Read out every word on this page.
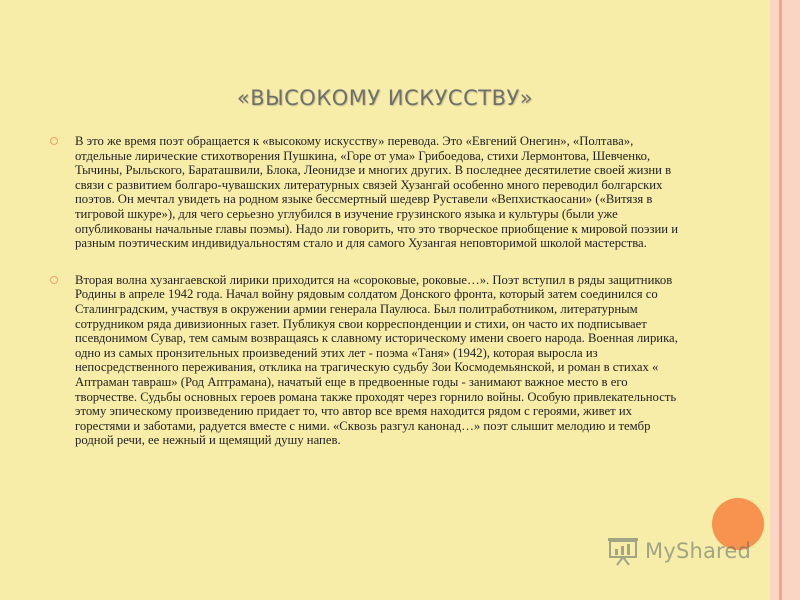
«ВЫСОКОМУ ИСКУССТВУ»
В это же время поэт обращается к «высокому искусству» перевода. Это «Евгений Онегин», «Полтава», отдельные лирические стихотворения Пушкина, «Горе от ума» Грибоедова, стихи Лермонтова, Шевченко, Тычины, Рыльского, Бараташвили, Блока, Леонидзе и многих других. В последнее десятилетие своей жизни в связи с развитием болгаро-чувашских литературных связей Хузангай особенно много переводил болгарских поэтов. Он мечтал увидеть на родном языке бессмертный шедевр Руставели «Вепхисткаосани» («Витязя в тигровой шкуре»), для чего серьезно углубился в изучение грузинского языка и культуры (были уже опубликованы начальные главы поэмы). Надо ли говорить, что это творческое приобщение к мировой поэзии и разным поэтическим индивидуальностям стало и для самого Хузангая неповторимой школой мастерства.
Вторая волна хузангаевской лирики приходится на «сороковые, роковые…». Поэт вступил в ряды защитников Родины в апреле 1942 года. Начал войну рядовым солдатом Донского фронта, который затем соединился со Сталинградским, участвуя в окружении армии генерала Паулюса. Был политработником, литературным сотрудником ряда дивизионных газет. Публикуя свои корреспонденции и стихи, он часто их подписывает псевдонимом Сувар, тем самым возвращаясь к славному историческому имени своего народа. Военная лирика, одно из самых пронзительных произведений этих лет - поэма «Таня» (1942), которая выросла из непосредственного переживания, отклика на трагическую судьбу Зои Космодемьянской, и роман в стихах « Аптраман тавраш» (Род Аптрамана), начатый еще в предвоенные годы - занимают важное место в его творчестве. Судьбы основных героев романа также проходят через горнило войны. Особую привлекательность этому эпическому произведению придает то, что автор все время находится рядом с героями, живет их горестями и заботами, радуется вместе с ними. «Сквозь разгул канонад…» поэт слышит мелодию и тембр родной речи, ее нежный и щемящий душу напев.
MyShared
